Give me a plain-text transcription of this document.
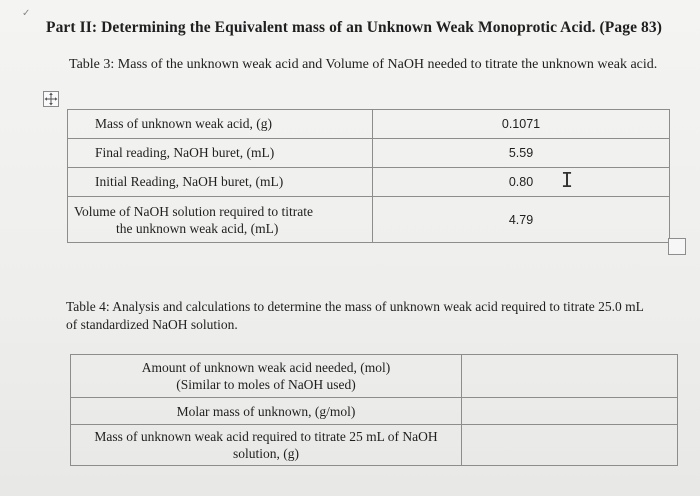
✓
Part II: Determining the Equivalent mass of an Unknown Weak Monoprotic Acid. (Page 83)
Table 3: Mass of the unknown weak acid and Volume of NaOH needed to titrate the unknown weak acid.
Mass of unknown weak acid, (g)	0.1071
Final reading, NaOH buret, (mL)	5.59
Initial Reading, NaOH buret, (mL)	0.80

Volume of NaOH solution required to titrate
the unknown weak acid, (mL)	4.79
I
Table 4: Analysis and calculations to determine the mass of unknown weak acid required to titrate 25.0 mL of standardized NaOH solution.
Amount of unknown weak acid needed, (mol)
(Similar to moles of NaOH used)	

Molar mass of unknown, (g/mol)	

Mass of unknown weak acid required to titrate 25 mL of NaOH
solution, (g)	
